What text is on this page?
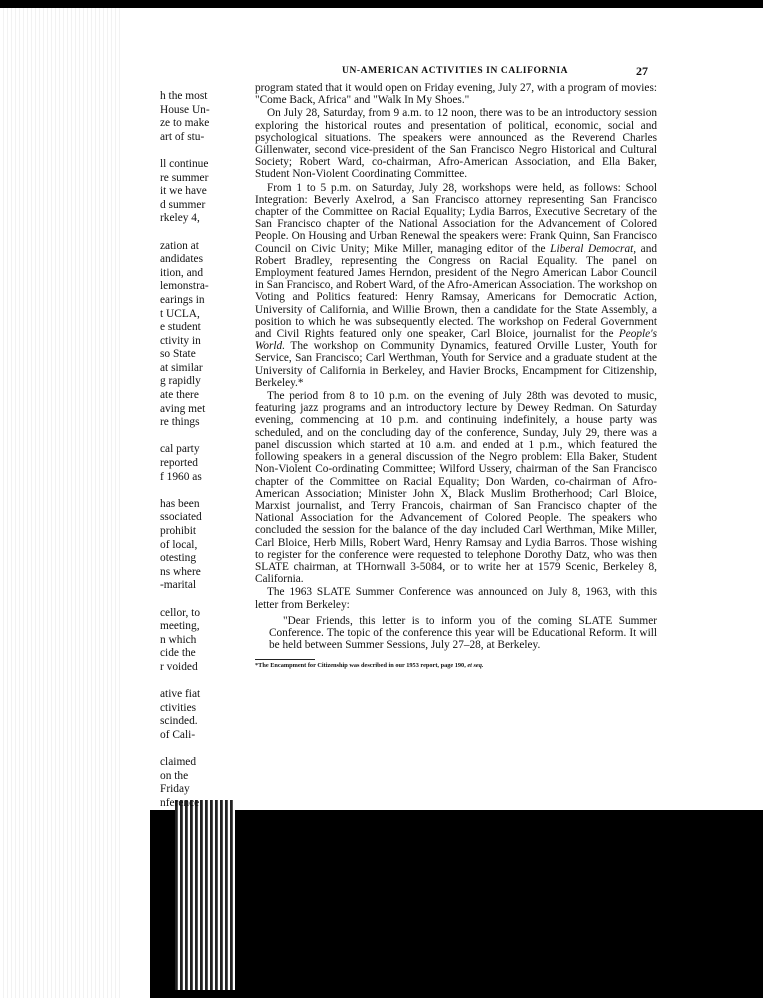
h the most
House Un-
ze to make
art of stu-
ll continue
re summer
it we have
d summer
rkeley 4,
zation at
andidates
ition, and
lemonstra-
earings in
t UCLA,
e student
ctivity in
so State
at similar
g rapidly
ate there
aving met
re things
cal party
reported
f 1960 as
has been
ssociated
prohibit
of local,
otesting
ns where
-marital
cellor, to
meeting,
n which
cide the
r voided
ative fiat
ctivities
scinded.
of Cali-
claimed
on the
Friday
nference
UN-AMERICAN ACTIVITIES IN CALIFORNIA	27

program stated that it would open on Friday evening, July 27, with a program of movies: "Come Back, Africa" and "Walk In My Shoes."

On July 28, Saturday, from 9 a.m. to 12 noon, there was to be an introductory session exploring the historical routes and presentation of political, economic, social and psychological situations. The speakers were announced as the Reverend Charles Gillenwater, second vice-president of the San Francisco Negro Historical and Cultural Society; Robert Ward, co-chairman, Afro-American Association, and Ella Baker, Student Non-Violent Coordinating Committee.

From 1 to 5 p.m. on Saturday, July 28, workshops were held, as follows: School Integration: Beverly Axelrod, a San Francisco attorney representing San Francisco chapter of the Committee on Racial Equality; Lydia Barros, Executive Secretary of the San Francisco chapter of the National Association for the Advancement of Colored People. On Housing and Urban Renewal the speakers were: Frank Quinn, San Francisco Council on Civic Unity; Mike Miller, managing editor of the Liberal Democrat, and Robert Bradley, representing the Congress on Racial Equality. The panel on Employment featured James Herndon, president of the Negro American Labor Council in San Francisco, and Robert Ward, of the Afro-American Association. The workshop on Voting and Politics featured: Henry Ramsay, Americans for Democratic Action, University of California, and Willie Brown, then a candidate for the State Assembly, a position to which he was subsequently elected. The workshop on Federal Government and Civil Rights featured only one speaker, Carl Bloice, journalist for the People's World. The workshop on Community Dynamics, featured Orville Luster, Youth for Service, San Francisco; Carl Werthman, Youth for Service and a graduate student at the University of California in Berkeley, and Havier Brocks, Encampment for Citizenship, Berkeley.*

The period from 8 to 10 p.m. on the evening of July 28th was devoted to music, featuring jazz programs and an introductory lecture by Dewey Redman. On Saturday evening, commencing at 10 p.m. and continuing indefinitely, a house party was scheduled, and on the concluding day of the conference, Sunday, July 29, there was a panel discussion which started at 10 a.m. and ended at 1 p.m., which featured the following speakers in a general discussion of the Negro problem: Ella Baker, Student Non-Violent Co-ordinating Committee; Wilford Ussery, chairman of the San Francisco chapter of the Committee on Racial Equality; Don Warden, co-chairman of Afro-American Association; Minister John X, Black Muslim Brotherhood; Carl Bloice, Marxist journalist, and Terry Francois, chairman of San Francisco chapter of the National Association for the Advancement of Colored People. The speakers who concluded the session for the balance of the day included Carl Werthman, Mike Miller, Carl Bloice, Herb Mills, Robert Ward, Henry Ramsay and Lydia Barros. Those wishing to register for the conference were requested to telephone Dorothy Datz, who was then SLATE chairman, at THornwall 3-5084, or to write her at 1579 Scenic, Berkeley 8, California.

The 1963 SLATE Summer Conference was announced on July 8, 1963, with this letter from Berkeley:

"Dear Friends, this letter is to inform you of the coming SLATE Summer Conference. The topic of the conference this year will be Educational Reform. It will be held between Summer Sessions, July 27–28, at Berkeley.

*The Encampment for Citizenship was described in our 1953 report, page 190, et seq.
